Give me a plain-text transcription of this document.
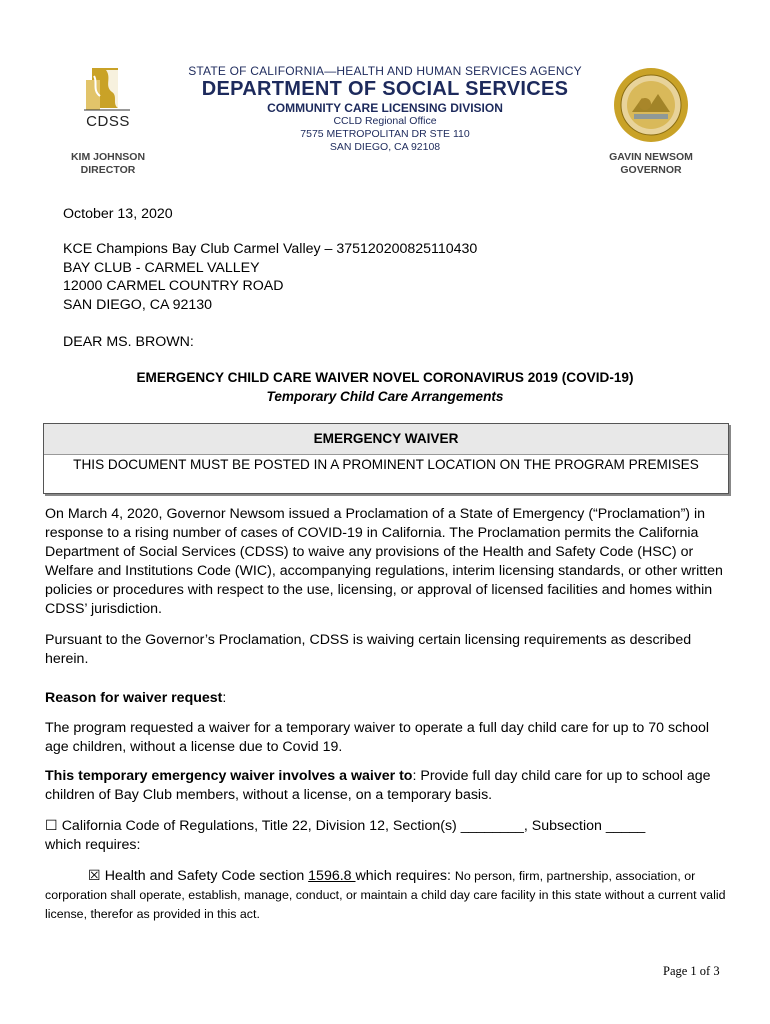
CDSS
KIM JOHNSON
DIRECTOR
STATE OF CALIFORNIA—HEALTH AND HUMAN SERVICES AGENCY
DEPARTMENT OF SOCIAL SERVICES
COMMUNITY CARE LICENSING DIVISION
CCLD Regional Office
7575 METROPOLITAN DR STE 110
SAN DIEGO, CA 92108
GAVIN NEWSOM
GOVERNOR
October 13, 2020
KCE Champions Bay Club Carmel Valley – 375120200825110430
BAY CLUB - CARMEL VALLEY
12000 CARMEL COUNTRY ROAD
SAN DIEGO, CA 92130
DEAR MS. BROWN:
EMERGENCY CHILD CARE WAIVER NOVEL CORONAVIRUS 2019 (COVID-19)
Temporary Child Care Arrangements
EMERGENCY WAIVER
THIS DOCUMENT MUST BE POSTED IN A PROMINENT LOCATION ON THE PROGRAM PREMISES
On March 4, 2020, Governor Newsom issued a Proclamation of a State of Emergency (“Proclamation”) in response to a rising number of cases of COVID-19 in California. The Proclamation permits the California Department of Social Services (CDSS) to waive any provisions of the Health and Safety Code (HSC) or Welfare and Institutions Code (WIC), accompanying regulations, interim licensing standards, or other written policies or procedures with respect to the use, licensing, or approval of licensed facilities and homes within CDSS’ jurisdiction.
Pursuant to the Governor’s Proclamation, CDSS is waiving certain licensing requirements as described herein.
Reason for waiver request:
The program requested a waiver for a temporary waiver to operate a full day child care for up to 70 school age children, without a license due to Covid 19.
This temporary emergency waiver involves a waiver to: Provide full day child care for up to school age children of Bay Club members, without a license, on a temporary basis.
☐ California Code of Regulations, Title 22, Division 12, Section(s) ________, Subsection _____
which requires:
☒ Health and Safety Code section 1596.8 which requires: No person, firm, partnership, association, or corporation shall operate, establish, manage, conduct, or maintain a child day care facility in this state without a current valid license, therefor as provided in this act.
Page 1 of 3
